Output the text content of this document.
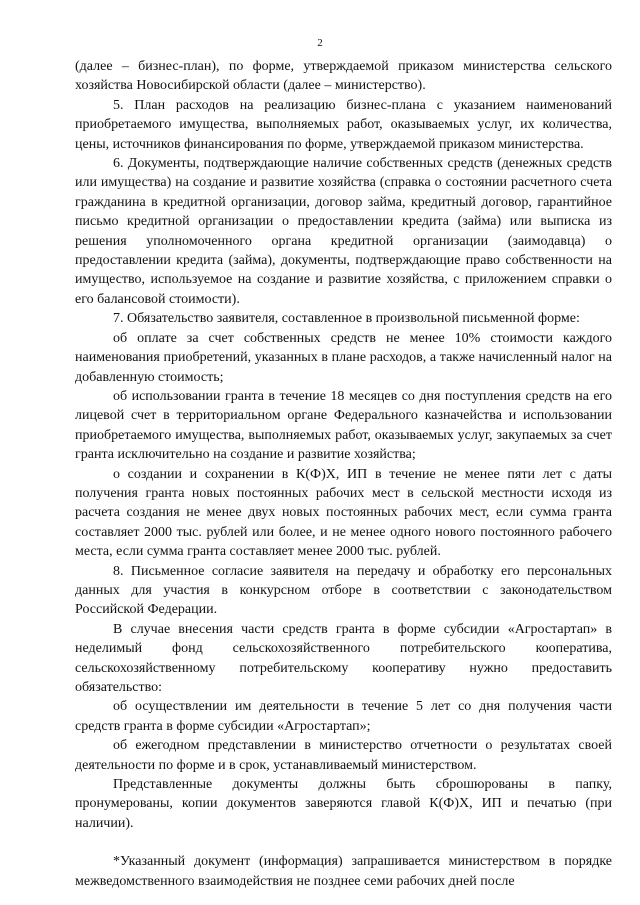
2

(далее – бизнес-план), по форме, утверждаемой приказом министерства сельского хозяйства Новосибирской области (далее – министерство).

5. План расходов на реализацию бизнес-плана с указанием наименований приобретаемого имущества, выполняемых работ, оказываемых услуг, их количества, цены, источников финансирования по форме, утверждаемой приказом министерства.

6. Документы, подтверждающие наличие собственных средств (денежных средств или имущества) на создание и развитие хозяйства (справка о состоянии расчетного счета гражданина в кредитной организации, договор займа, кредитный договор, гарантийное письмо кредитной организации о предоставлении кредита (займа) или выписка из решения уполномоченного органа кредитной организации (заимодавца) о предоставлении кредита (займа), документы, подтверждающие право собственности на имущество, используемое на создание и развитие хозяйства, с приложением справки о его балансовой стоимости).

7. Обязательство заявителя, составленное в произвольной письменной форме:

об оплате за счет собственных средств не менее 10% стоимости каждого наименования приобретений, указанных в плане расходов, а также начисленный налог на добавленную стоимость;

об использовании гранта в течение 18 месяцев со дня поступления средств на его лицевой счет в территориальном органе Федерального казначейства и использовании приобретаемого имущества, выполняемых работ, оказываемых услуг, закупаемых за счет гранта исключительно на создание и развитие хозяйства;

о создании и сохранении в К(Ф)Х, ИП в течение не менее пяти лет с даты получения гранта новых постоянных рабочих мест в сельской местности исходя из расчета создания не менее двух новых постоянных рабочих мест, если сумма гранта составляет 2000 тыс. рублей или более, и не менее одного нового постоянного рабочего места, если сумма гранта составляет менее 2000 тыс. рублей.

8. Письменное согласие заявителя на передачу и обработку его персональных данных для участия в конкурсном отборе в соответствии с законодательством Российской Федерации.

В случае внесения части средств гранта в форме субсидии «Агростартап» в неделимый фонд сельскохозяйственного потребительского кооператива, сельскохозяйственному потребительскому кооперативу нужно предоставить обязательство:

об осуществлении им деятельности в течение 5 лет со дня получения части средств гранта в форме субсидии «Агростартап»;

об ежегодном представлении в министерство отчетности о результатах своей деятельности по форме и в срок, устанавливаемый министерством.

Представленные документы должны быть сброшюрованы в папку, пронумерованы, копии документов заверяются главой К(Ф)Х, ИП и печатью (при наличии).

*Указанный документ (информация) запрашивается министерством в порядке межведомственного взаимодействия не позднее семи рабочих дней после
